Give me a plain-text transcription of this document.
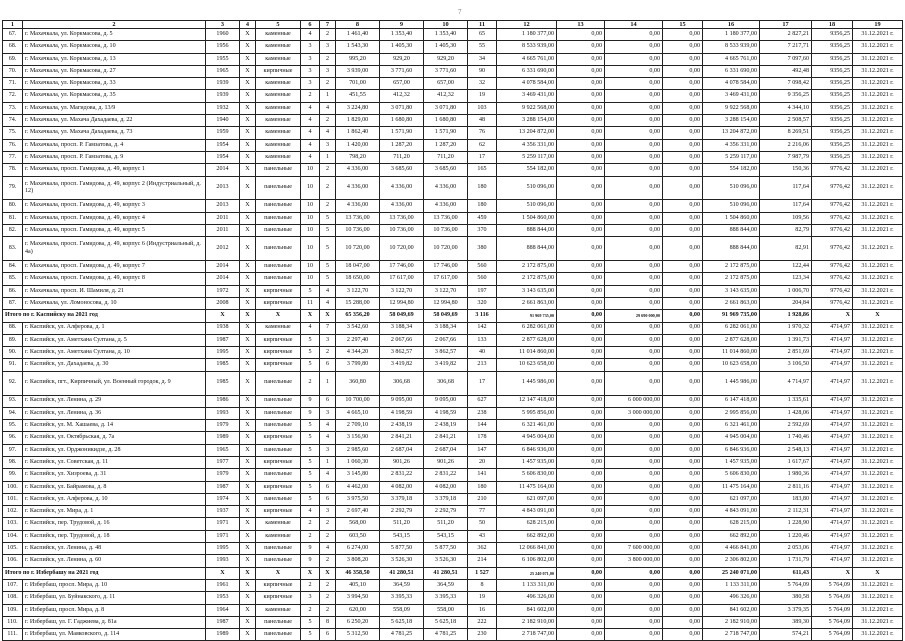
7
1	2	3	4	5	6	7	8	9	10	11	12	13	14	15	16	17	18	19
67.	г. Махачкала, ул. Коркмасова, д. 5	1960	X	каменные	4	2	1 461,40	1 353,40	1 353,40	65	1 180 377,00	0,00	0,00	0,00	1 180 377,00	2 827,21	9356,25	31.12.2021 г.
68.	г. Махачкала, ул. Коркмасова, д. 10	1956	X	каменные	3	3	1 543,30	1 405,30	1 405,30	55	8 533 939,00	0,00	0,00	0,00	8 533 939,00	7 217,71	9356,25	31.12.2021 г.
69.	г. Махачкала, ул. Коркмасова, д. 13	1955	X	каменные	3	2	995,20	929,20	929,20	34	4 665 761,00	0,00	0,00	0,00	4 665 761,00	7 097,60	9356,25	31.12.2021 г.
70.	г. Махачкала, ул. Коркмасова, д. 27	1965	X	кирпичные	3	3	3 939,00	3 771,60	3 771,60	90	6 331 690,00	0,00	0,00	0,00	6 331 690,00	492,48	9356,25	31.12.2021 г.
71.	г. Махачкала, ул. Коркмасова, д. 33	1939	X	каменные	3	2	701,00	657,00	657,00	32	4 078 584,00	0,00	0,00	0,00	4 078 584,00	7 098,42	9356,25	31.12.2021 г.
72.	г. Махачкала, ул. Коркмасова, д. 35	1939	X	каменные	2	1	451,55	412,32	412,32	19	3 469 431,00	0,00	0,00	0,00	3 469 431,00	9 356,25	9356,25	31.12.2021 г.
73.	г. Махачкала, ул. Магидова, д. 13/9	1932	X	каменные	4	4	3 224,80	3 071,80	3 071,80	103	9 922 568,00	0,00	0,00	0,00	9 922 568,00	4 344,10	9356,25	31.12.2021 г.
74.	г. Махачкала, ул. Махача Дахадаева, д. 22	1940	X	каменные	4	2	1 829,00	1 680,80	1 680,80	48	3 288 154,00	0,00	0,00	0,00	3 288 154,00	2 508,57	9356,25	31.12.2021 г.
75.	г. Махачкала, ул. Махача Дахадаева, д. 73	1959	X	каменные	4	4	1 862,40	1 571,90	1 571,90	76	13 204 872,00	0,00	0,00	0,00	13 204 872,00	8 269,51	9356,25	31.12.2021 г.
76.	г. Махачкала, просп. Р. Гамзатова, д. 4	1954	X	каменные	4	3	1 420,00	1 287,20	1 287,20	62	4 356 331,00	0,00	0,00	0,00	4 356 331,00	2 216,06	9356,25	31.12.2021 г.
77.	г. Махачкала, просп. Р. Гамзатова, д. 9	1954	X	каменные	4	1	798,20	711,20	711,20	17	5 259 117,00	0,00	0,00	0,00	5 259 117,00	7 987,79	9356,25	31.12.2021 г.
78.	г. Махачкала, просп. Гамидова, д. 49, корпус 1	2014	X	панельные	10	2	4 336,00	3 685,60	3 685,60	165	554 182,00	0,00	0,00	0,00	554 182,00	150,36	9776,42	31.12.2021 г.
79.	г. Махачкала, просп. Гамидова, д. 49, корпус 2 (Индустриальный, д. 12)	2013	X	панельные	10	2	4 336,00	4 336,00	4 336,00	180	510 096,00	0,00	0,00	0,00	510 096,00	117,64	9776,42	31.12.2021 г.
80.	г. Махачкала, просп. Гамидова, д. 49, корпус 3	2013	X	панельные	10	2	4 336,00	4 336,00	4 336,00	180	510 096,00	0,00	0,00	0,00	510 096,00	117,64	9776,42	31.12.2021 г.
81.	г. Махачкала, просп. Гамидова, д. 49, корпус 4	2011	X	панельные	10	5	13 736,00	13 736,00	13 736,00	459	1 504 860,00	0,00	0,00	0,00	1 504 860,00	109,56	9776,42	31.12.2021 г.
82.	г. Махачкала, просп. Гамидова, д. 49, корпус 5	2011	X	панельные	10	5	10 736,00	10 736,00	10 736,00	370	888 844,00	0,00	0,00	0,00	888 844,00	82,79	9776,42	31.12.2021 г.
83.	г. Махачкала, просп. Гамидова, д. 49, корпус 6 (Индустриальный, д. 4а)	2012	X	панельные	10	5	10 720,00	10 720,00	10 720,00	380	888 844,00	0,00	0,00	0,00	888 844,00	82,91	9776,42	31.12.2021 г.
84.	г. Махачкала, просп. Гамидова, д. 49, корпус 7	2014	X	панельные	10	5	18 047,00	17 746,00	17 746,00	560	2 172 875,00	0,00	0,00	0,00	2 172 875,00	122,44	9776,42	31.12.2021 г.
85.	г. Махачкала, просп. Гамидова, д. 49, корпус 8	2014	X	панельные	10	5	18 650,00	17 617,00	17 617,00	560	2 172 875,00	0,00	0,00	0,00	2 172 875,00	123,34	9776,42	31.12.2021 г.
86.	г. Махачкала, просп. И. Шамиля, д. 21	1972	X	кирпичные	5	4	3 122,70	3 122,70	3 122,70	197	3 143 635,00	0,00	0,00	0,00	3 143 635,00	1 006,70	9776,42	31.12.2021 г.
87.	г. Махачкала, ул. Ломоносова, д. 10	2008	X	кирпичные	11	4	15 288,00	12 994,80	12 994,80	320	2 661 863,00	0,00	0,00	0,00	2 661 863,00	204,84	9776,42	31.12.2021 г.
Итого по г. Каспийску на 2021 год		X	X	X	X	X	65 356,20	58 049,69	58 049,69	3 116	91 969 735,00	0,00	29 690 000,00	0,00	91 969 735,00	1 928,86	X	X
88.	г. Каспийск, ул. Алферова, д. 1	1938	X	каменные	4	7	3 542,60	3 188,34	3 188,34	142	6 282 061,00	0,00	0,00	0,00	6 282 061,00	1 970,32	4714,97	31.12.2021 г.
89.	г. Каспийск, ул. Аметхана Султана, д. 5	1987	X	кирпичные	5	3	2 297,40	2 067,66	2 067,66	133	2 877 628,00	0,00	0,00	0,00	2 877 628,00	1 391,73	4714,97	31.12.2021 г.
90.	г. Каспийск, ул. Аметхана Султана, д. 10	1995	X	кирпичные	5	2	4 344,20	3 862,57	3 862,57	40	11 014 860,00	0,00	0,00	0,00	11 014 860,00	2 851,69	4714,97	31.12.2021 г.
91.	г. Каспийск, ул. Дахадаева, д. 30	1985	X	кирпичные	5	6	3 799,80	3 419,82	3 419,82	213	10 623 658,00	0,00	0,00	0,00	10 623 658,00	3 106,50	4714,97	31.12.2021 г.
92.	г. Каспийск, пгт., Кирпичный, ул. Военный городок, д. 9	1985	X	панельные	2	1	360,80	306,68	306,68	17	1 445 986,00	0,00	0,00	0,00	1 445 986,00	4 714,97	4714,97	31.12.2021 г.
93.	г. Каспийск, ул. Ленина, д. 29	1986	X	панельные	9	6	10 700,00	9 095,00	9 095,00	627	12 147 418,00	0,00	6 000 000,00	0,00	6 147 418,00	1 335,61	4714,97	31.12.2021 г.
94.	г. Каспийск, ул. Ленина, д. 36	1993	X	панельные	9	3	4 665,10	4 198,59	4 198,59	238	5 995 856,00	0,00	3 000 000,00	0,00	2 995 856,00	1 428,06	4714,97	31.12.2021 г.
95.	г. Каспийск, ул. М. Хашаева, д. 14	1979	X	панельные	5	4	2 709,10	2 438,19	2 438,19	144	6 321 461,00	0,00	0,00	0,00	6 321 461,00	2 592,69	4714,97	31.12.2021 г.
96.	г. Каспийск, ул. Октябрьская, д. 7а	1989	X	кирпичные	5	4	3 156,90	2 841,21	2 841,21	178	4 945 004,00	0,00	0,00	0,00	4 945 004,00	1 740,46	4714,97	31.12.2021 г.
97.	г. Каспийск, ул. Орджоникидзе, д. 28	1965	X	панельные	5	3	2 985,60	2 687,04	2 687,04	147	6 846 936,00	0,00	0,00	0,00	6 846 936,00	2 548,13	4714,97	31.12.2021 г.
98.	г. Каспийск, ул. Советская, д. 11	1977	X	кирпичные	5	1	1 060,30	901,26	901,26	20	1 457 935,00	0,00	0,00	0,00	1 457 935,00	1 617,67	4714,97	31.12.2021 г.
99.	г. Каспийск, ул. Хизроева, д. 31	1979	X	панельные	5	4	3 145,80	2 831,22	2 831,22	141	5 606 830,00	0,00	0,00	0,00	5 606 830,00	1 980,36	4714,97	31.12.2021 г.
100.	г. Каспийск, ул. Байрамова, д. 8	1987	X	кирпичные	5	6	4 462,00	4 082,00	4 082,00	180	11 475 164,00	0,00	0,00	0,00	11 475 164,00	2 811,16	4714,97	31.12.2021 г.
101.	г. Каспийск, ул. Алферова, д. 10	1974	X	панельные	5	6	3 975,50	3 379,18	3 379,18	210	621 097,00	0,00	0,00	0,00	621 097,00	183,80	4714,97	31.12.2021 г.
102.	г. Каспийск, ул. Мира, д. 1	1937	X	кирпичные	4	3	2 697,40	2 292,79	2 292,79	77	4 843 091,00	0,00	0,00	0,00	4 843 091,00	2 112,31	4714,97	31.12.2021 г.
103.	г. Каспийск, пер. Трудовой, д. 16	1971	X	каменные	2	2	568,00	511,20	511,20	50	628 215,00	0,00	0,00	0,00	628 215,00	1 228,90	4714,97	31.12.2021 г.
104.	г. Каспийск, пер. Трудовой, д. 18	1971	X	каменные	2	2	603,50	543,15	543,15	43	662 892,00	0,00	0,00	0,00	662 892,00	1 220,46	4714,97	31.12.2021 г.
105.	г. Каспийск, ул. Ленина, д. 48	1995	X	панельные	9	4	6 274,00	5 877,50	5 877,50	362	12 066 841,00	0,00	7 600 000,00	0,00	4 466 841,00	2 053,06	4714,97	31.12.2021 г.
106.	г. Каспийск, ул. Ленина, д. 60	1993	X	панельные	9	2	3 808,20	3 526,30	3 526,30	214	6 106 802,00	0,00	3 800 000,00	0,00	2 306 802,00	1 731,79	4714,97	31.12.2021 г.
Итого по г. Избербашу на 2021 год		X	X	X	X	X	46 358,50	41 280,51	41 280,51	1 527	25 240 071,00	0,00	0,00	0,00	25 240 071,00	611,43	X	X
107.	г. Избербаш, просп. Мира, д. 10	1961	X	кирпичные	2	2	405,10	364,59	364,59	8	1 133 311,00	0,00	0,00	0,00	1 133 311,00	5 764,09	5 764,09	31.12.2021 г.
108.	г. Избербаш, ул. Буйнакского, д. 11	1953	X	кирпичные	3	2	3 994,50	3 395,33	3 395,33	19	496 326,00	0,00	0,00	0,00	496 326,00	380,58	5 764,09	31.12.2021 г.
109.	г. Избербаш, просп. Мира, д. 8	1964	X	каменные	2	2	620,00	558,09	558,00	16	841 602,00	0,00	0,00	0,00	841 602,00	3 379,35	5 764,09	31.12.2021 г.
110.	г. Избербаш, ул. Г. Гаджиева, д. 81а	1987	X	панельные	5	8	6 250,20	5 625,18	5 625,18	222	2 182 910,00	0,00	0,00	0,00	2 182 910,00	389,30	5 764,09	31.12.2021 г.
111.	г. Избербаш, ул. Маяковского, д. 114	1989	X	панельные	5	6	5 312,50	4 781,25	4 781,25	230	2 718 747,00	0,00	0,00	0,00	2 718 747,00	574,21	5 764,09	31.12.2021 г.
